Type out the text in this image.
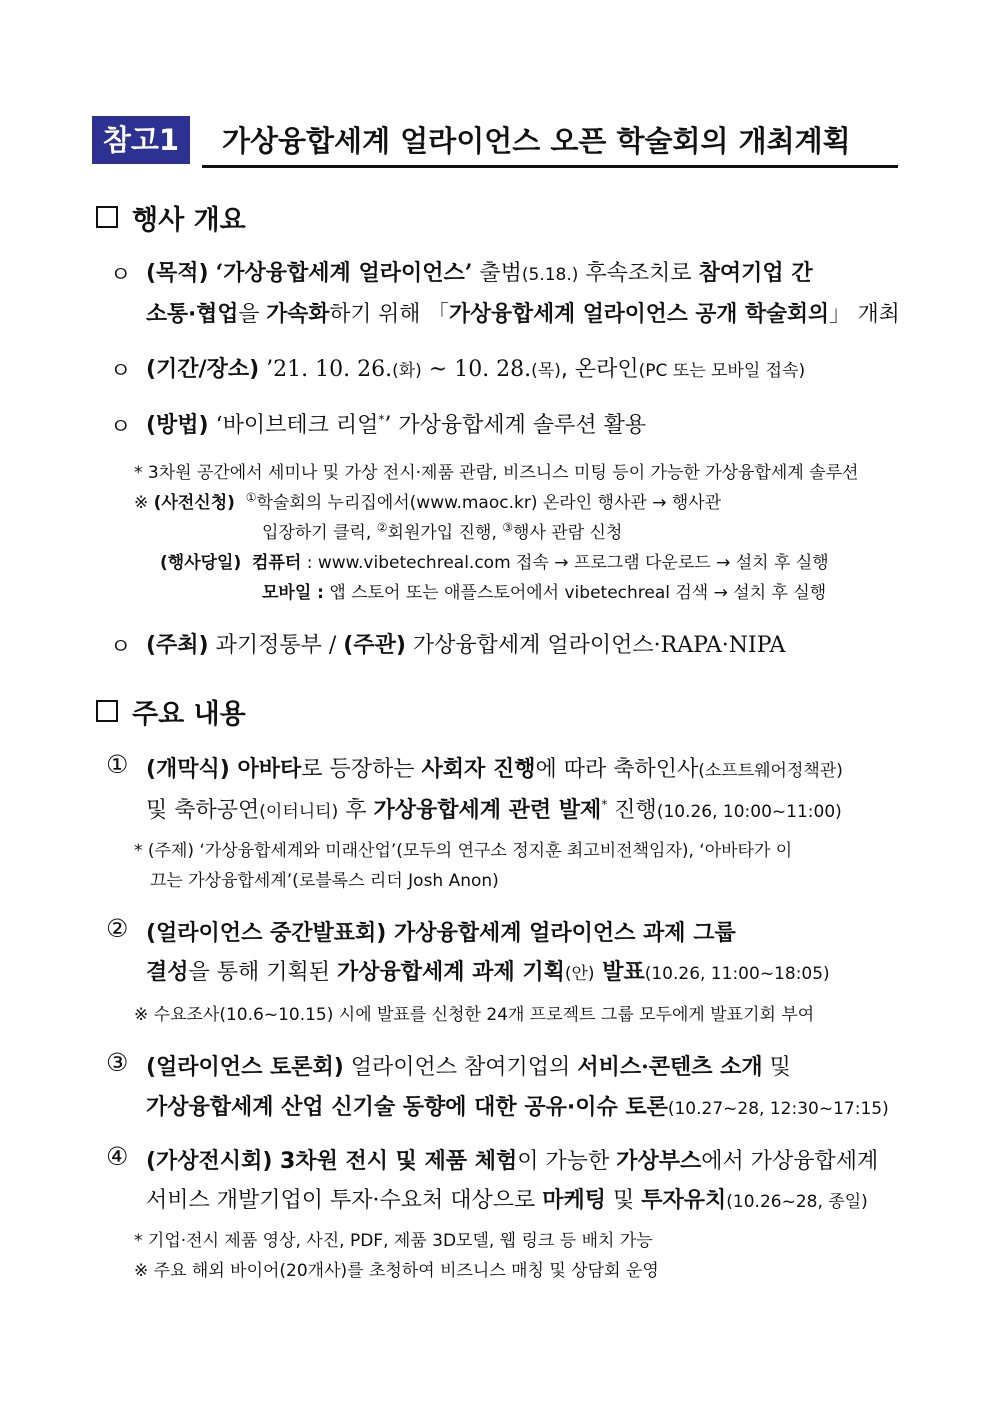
참고1	가상융합세계 얼라이언스 오픈 학술회의 개최계획
행사 개요
ㅇ (목적) ‘가상융합세계 얼라이언스’ 출범(5.18.) 후속조치로 참여기업 간
소통·협업을 가속화하기 위해 「가상융합세계 얼라이언스 공개 학술회의」 개최
ㅇ (기간/장소) ’21. 10. 26.(화) ~ 10. 28.(목), 온라인(PC 또는 모바일 접속)
ㅇ (방법) ‘바이브테크 리얼*’ 가상융합세계 솔루션 활용
* 3차원 공간에서 세미나 및 가상 전시·제품 관람, 비즈니스 미팅 등이 가능한 가상융합세계 솔루션
※ (사전신청) ①학술회의 누리집에서(www.maoc.kr) 온라인 행사관 → 행사관
입장하기 클릭, ②회원가입 진행, ③행사 관람 신청
(행사당일) 컴퓨터 : www.vibetechreal.com 접속 → 프로그램 다운로드 → 설치 후 실행
모바일 : 앱 스토어 또는 애플스토어에서 vibetechreal 검색 → 설치 후 실행
ㅇ (주최) 과기정통부 / (주관) 가상융합세계 얼라이언스·RAPA·NIPA
주요 내용
① (개막식) 아바타로 등장하는 사회자 진행에 따라 축하인사(소프트웨어정책관)
및 축하공연(이터니티) 후 가상융합세계 관련 발제* 진행(10.26, 10:00~11:00)
* (주제) ‘가상융합세계와 미래산업’(모두의 연구소 정지훈 최고비전책임자), ‘아바타가 이
끄는 가상융합세계’(로블록스 리더 Josh Anon)
② (얼라이언스 중간발표회) 가상융합세계 얼라이언스 과제 그룹
결성을 통해 기획된 가상융합세계 과제 기획(안) 발표(10.26, 11:00~18:05)
※ 수요조사(10.6~10.15) 시에 발표를 신청한 24개 프로젝트 그룹 모두에게 발표기회 부여
③ (얼라이언스 토론회) 얼라이언스 참여기업의 서비스·콘텐츠 소개 및
가상융합세계 산업 신기술 동향에 대한 공유·이슈 토론(10.27~28, 12:30~17:15)
④ (가상전시회) 3차원 전시 및 제품 체험이 가능한 가상부스에서 가상융합세계
서비스 개발기업이 투자·수요처 대상으로 마케팅 및 투자유치(10.26~28, 종일)
* 기업·전시 제품 영상, 사진, PDF, 제품 3D모델, 웹 링크 등 배치 가능
※ 주요 해외 바이어(20개사)를 초청하여 비즈니스 매칭 및 상담회 운영
